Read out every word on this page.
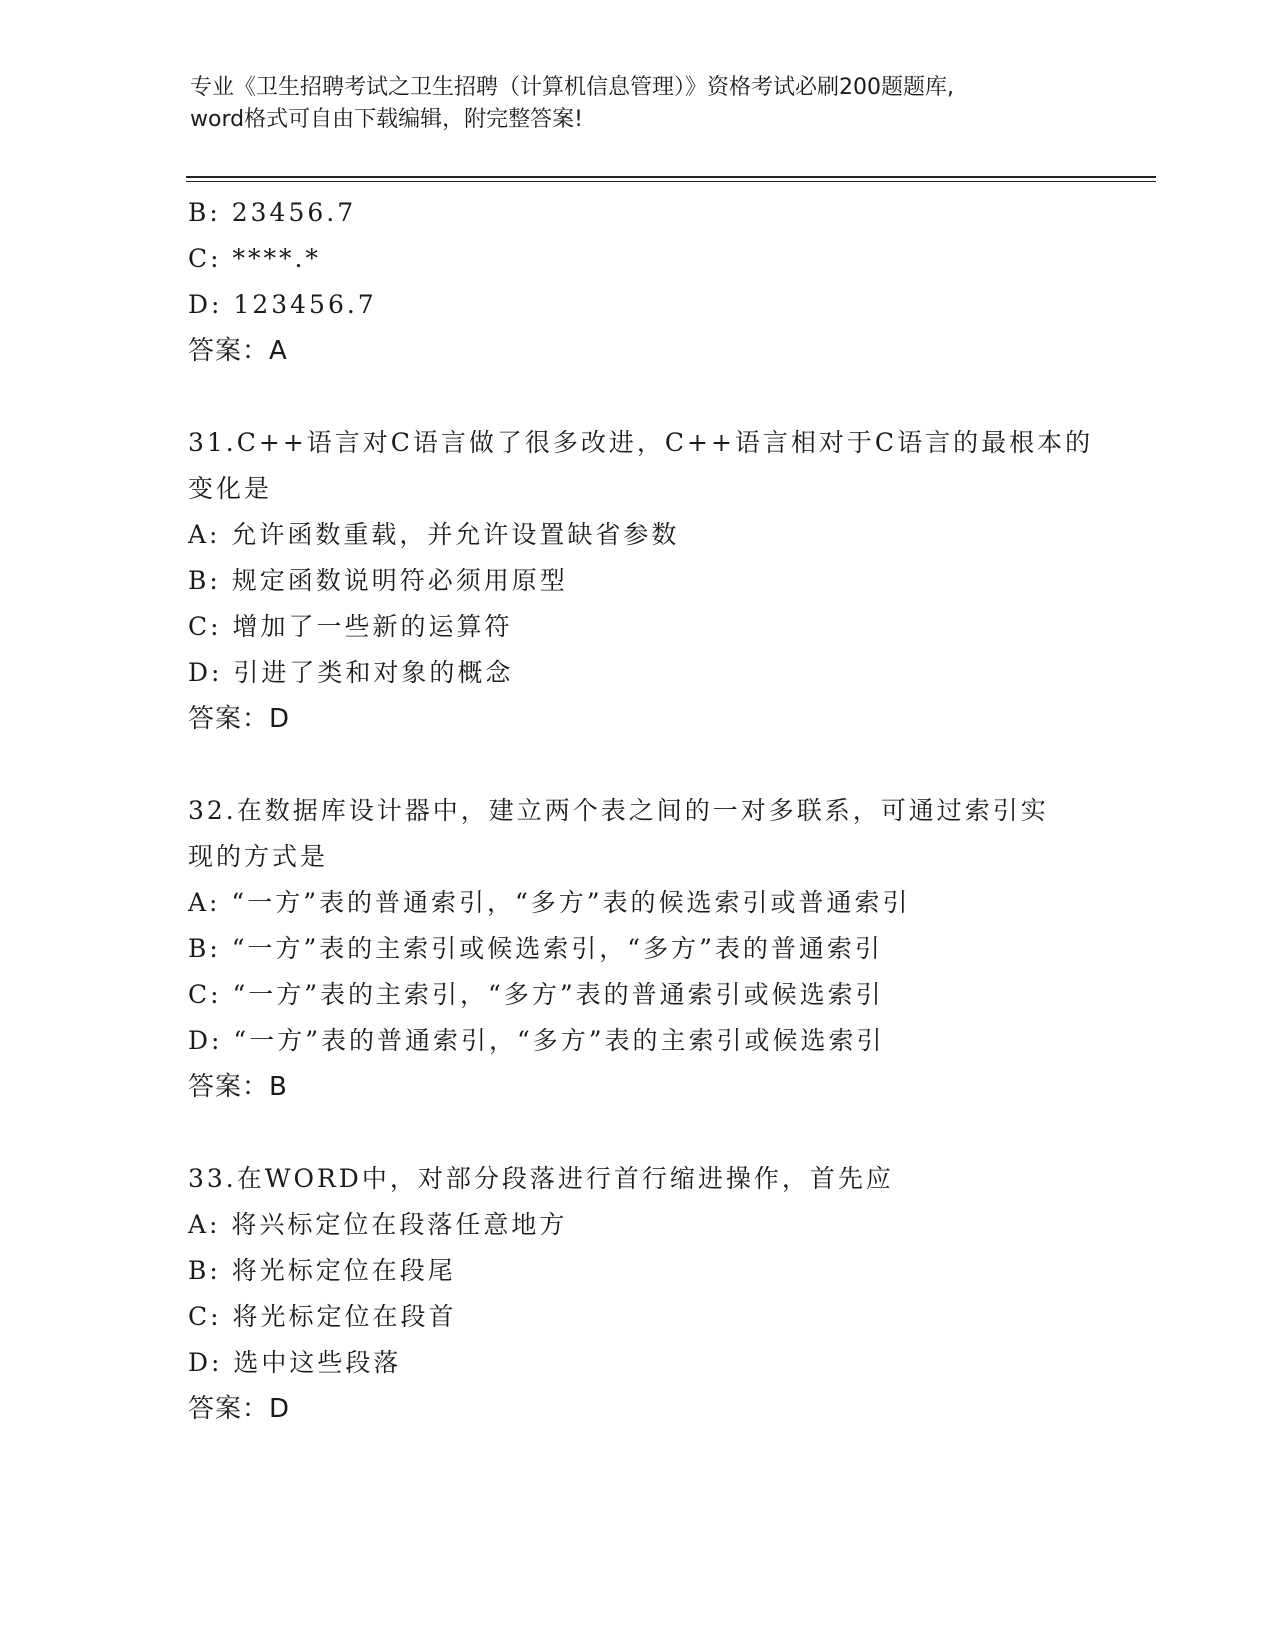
专业《卫生招聘考试之卫生招聘（计算机信息管理）》资格考试必刷200题题库,
word格式可自由下载编辑，附完整答案!
B: 23456.7
C: ****.*
D: 123456.7
答案：A
31.C++语言对C语言做了很多改进，C++语言相对于C语言的最根本的
变化是
A: 允许函数重载，并允许设置缺省参数
B: 规定函数说明符必须用原型
C: 增加了一些新的运算符
D: 引进了类和对象的概念
答案：D
32.在数据库设计器中，建立两个表之间的一对多联系，可通过索引实
现的方式是
A: “一方”表的普通索引，“多方”表的候选索引或普通索引
B: “一方”表的主索引或候选索引，“多方”表的普通索引
C: “一方”表的主索引，“多方”表的普通索引或候选索引
D: “一方”表的普通索引，“多方”表的主索引或候选索引
答案：B
33.在WORD中，对部分段落进行首行缩进操作，首先应
A: 将兴标定位在段落任意地方
B: 将光标定位在段尾
C: 将光标定位在段首
D: 选中这些段落
答案：D
